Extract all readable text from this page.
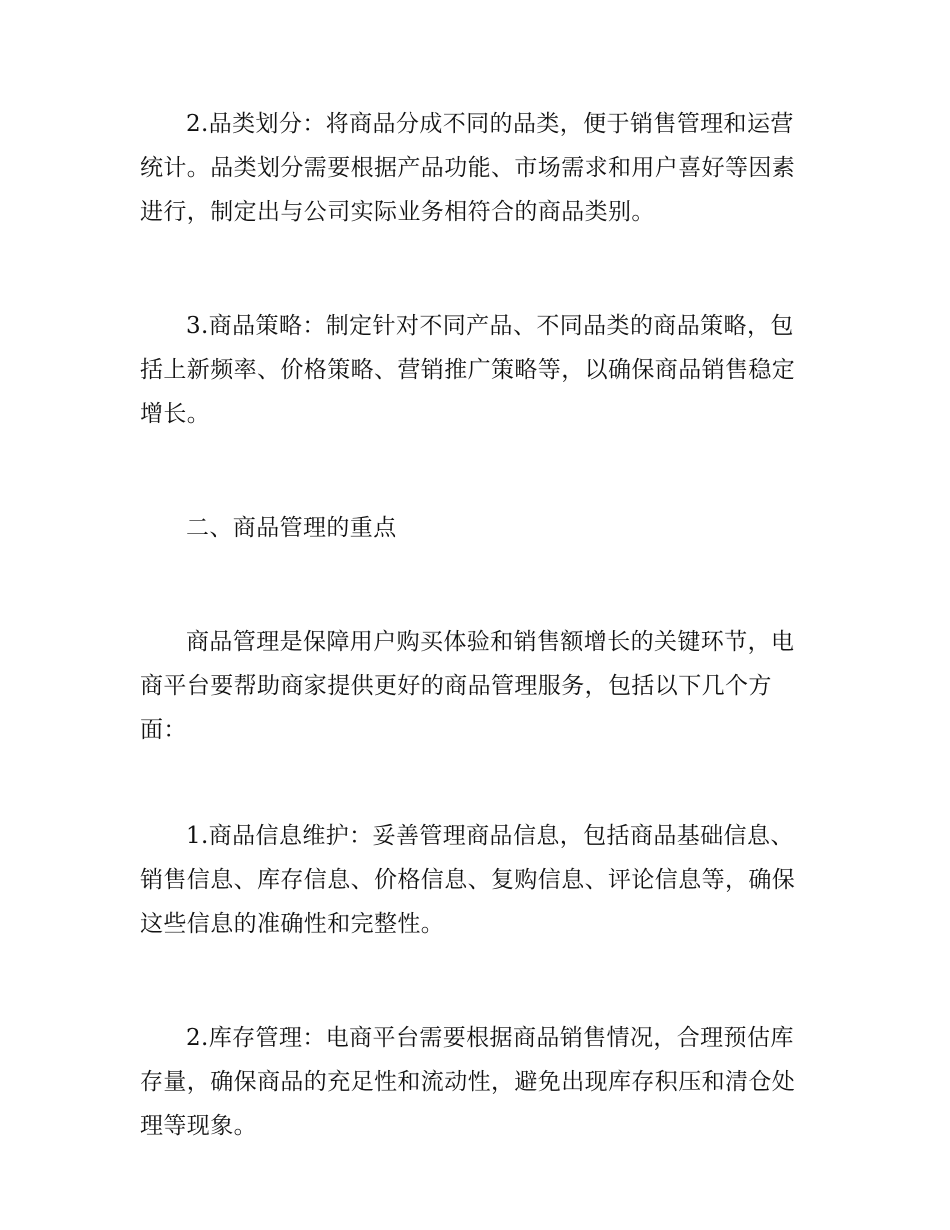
2.品类划分：将商品分成不同的品类，便于销售管理和运营统计。品类划分需要根据产品功能、市场需求和用户喜好等因素进行，制定出与公司实际业务相符合的商品类别。

3.商品策略：制定针对不同产品、不同品类的商品策略，包括上新频率、价格策略、营销推广策略等，以确保商品销售稳定增长。

二、商品管理的重点

商品管理是保障用户购买体验和销售额增长的关键环节，电商平台要帮助商家提供更好的商品管理服务，包括以下几个方面：

1.商品信息维护：妥善管理商品信息，包括商品基础信息、销售信息、库存信息、价格信息、复购信息、评论信息等，确保这些信息的准确性和完整性。

2.库存管理：电商平台需要根据商品销售情况，合理预估库存量，确保商品的充足性和流动性，避免出现库存积压和清仓处理等现象。
